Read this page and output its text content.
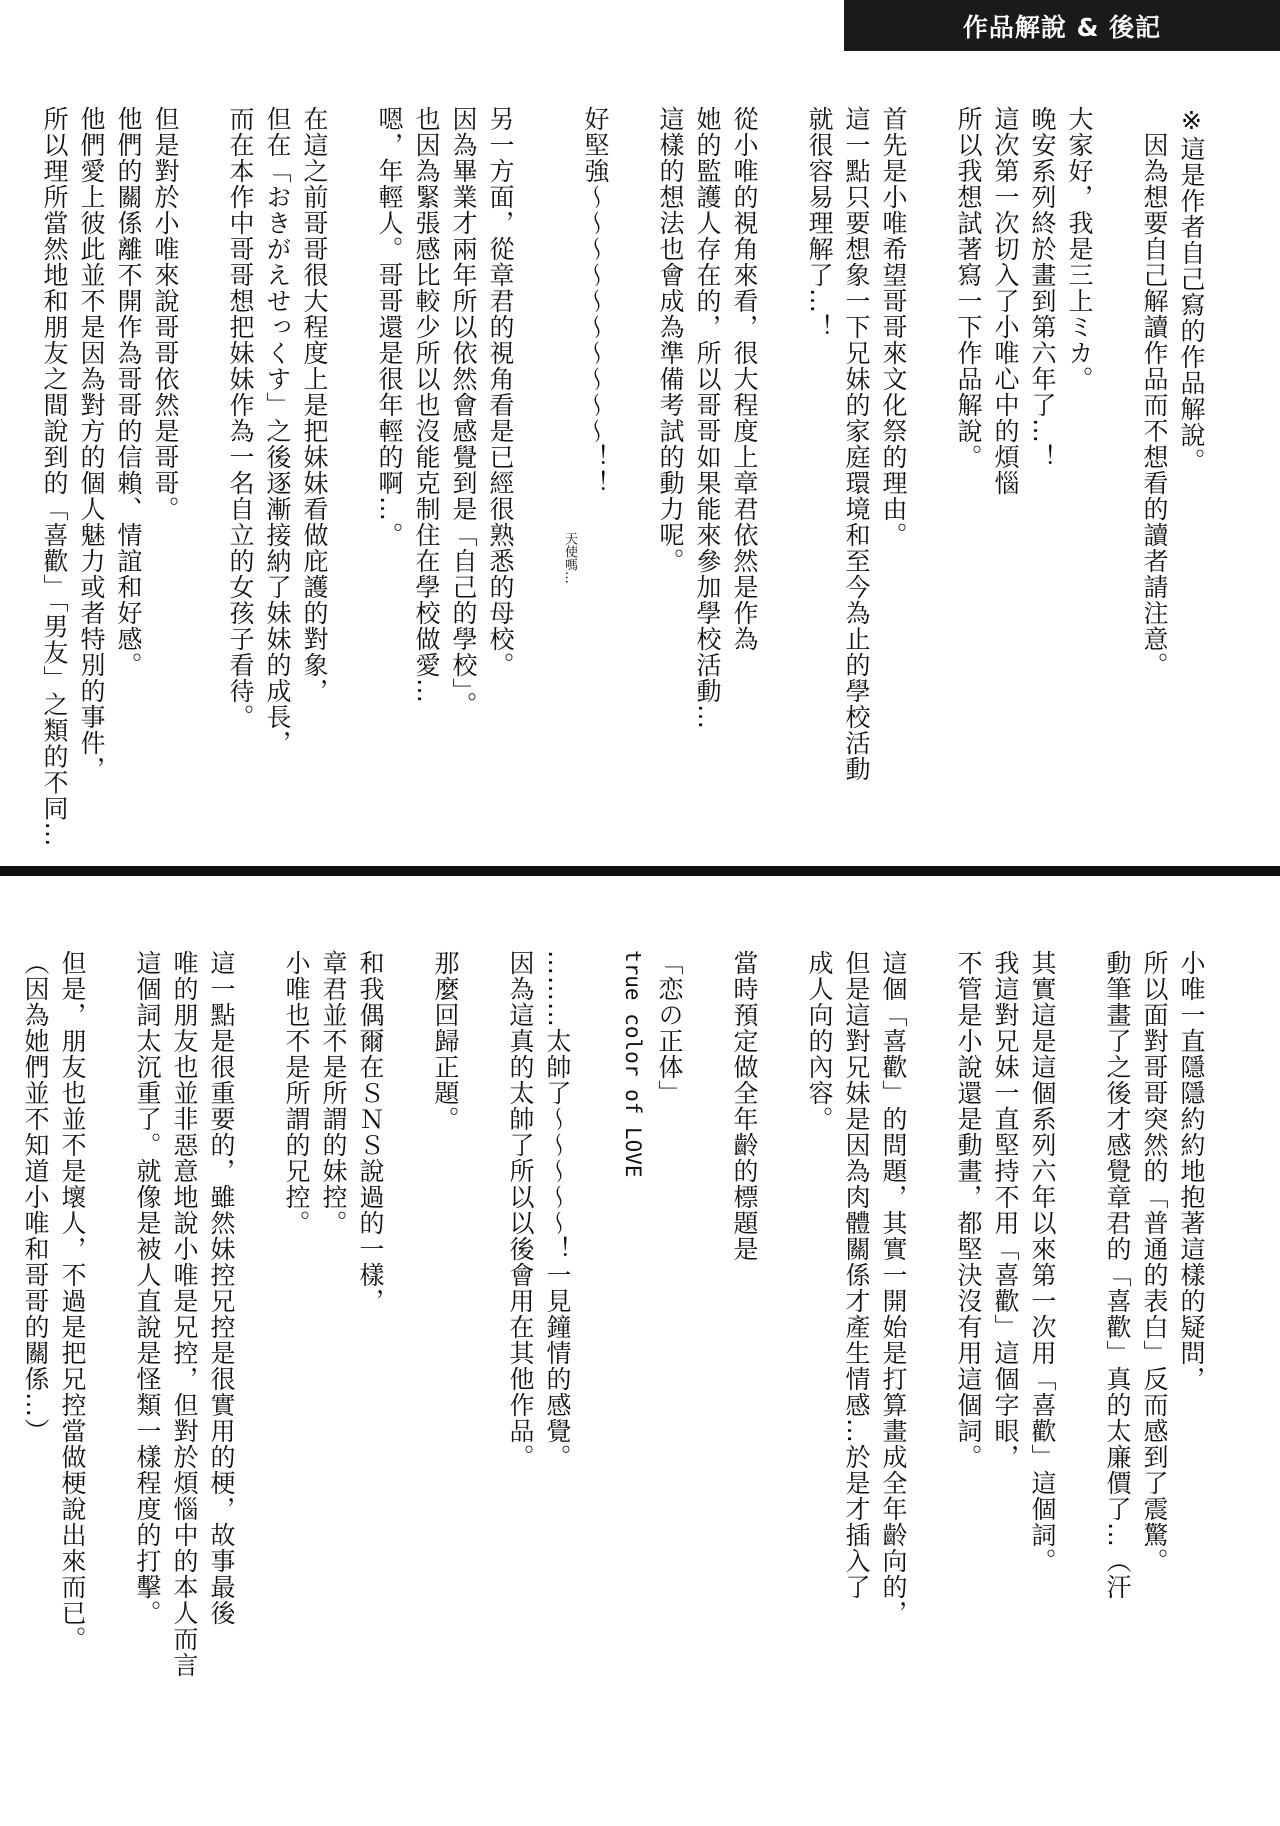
作品解說 & 後記
※這是作者自己寫的作品解說。
　因為想要自己解讀作品而不想看的讀者請注意。
大家好，我是三上ミカ。
晚安系列終於畫到第六年了…！
這次第一次切入了小唯心中的煩惱
所以我想試著寫一下作品解說。
首先是小唯希望哥哥來文化祭的理由。
這一點只要想象一下兄妹的家庭環境和至今為止的學校活動
就很容易理解了…！
從小唯的視角來看，很大程度上章君依然是作為
她的監護人存在的，所以哥哥如果能來參加學校活動…
這樣的想法也會成為準備考試的動力呢。
好堅強〜〜〜〜〜〜〜〜〜〜！！
天使嗎…
另一方面，從章君的視角看是已經很熟悉的母校。
因為畢業才兩年所以依然會感覺到是「自己的學校」。
也因為緊張感比較少所以也沒能克制住在學校做愛…
嗯，年輕人。哥哥還是很年輕的啊…。
在這之前哥哥很大程度上是把妹妹看做庇護的對象，
但在「おきがえせっくす」之後逐漸接納了妹妹的成長，
而在本作中哥哥想把妹妹作為一名自立的女孩子看待。
但是對於小唯來說哥哥依然是哥哥。
他們的關係離不開作為哥哥的信賴、情誼和好感。
他們愛上彼此並不是因為對方的個人魅力或者特別的事件，
所以理所當然地和朋友之間說到的「喜歡」「男友」之類的不同…
小唯一直隱隱約約地抱著這樣的疑問，
所以面對哥哥突然的「普通的表白」反而感到了震驚。
動筆畫了之後才感覺章君的「喜歡」真的太廉價了…（汗
其實這是這個系列六年以來第一次用「喜歡」這個詞。
我這對兄妹一直堅持不用「喜歡」這個字眼，
不管是小說還是動畫，都堅決沒有用這個詞。
這個「喜歡」的問題，其實一開始是打算畫成全年齡向的，
但是這對兄妹是因為肉體關係才產生情感…於是才插入了
成人向的內容。
當時預定做全年齡的標題是
「恋の正体」
true color of LOVE
………太帥了〜〜〜〜〜！一見鐘情的感覺。
因為這真的太帥了所以以後會用在其他作品。
那麼回歸正題。
和我偶爾在ＳＮＳ說過的一樣，
章君並不是所謂的妹控。
小唯也不是所謂的兄控。
這一點是很重要的，雖然妹控兄控是很實用的梗，故事最後
唯的朋友也並非惡意地說小唯是兄控，但對於煩惱中的本人而言
這個詞太沉重了。就像是被人直說是怪類一樣程度的打擊。
但是，朋友也並不是壞人，不過是把兄控當做梗說出來而已。
（因為她們並不知道小唯和哥哥的關係…）
